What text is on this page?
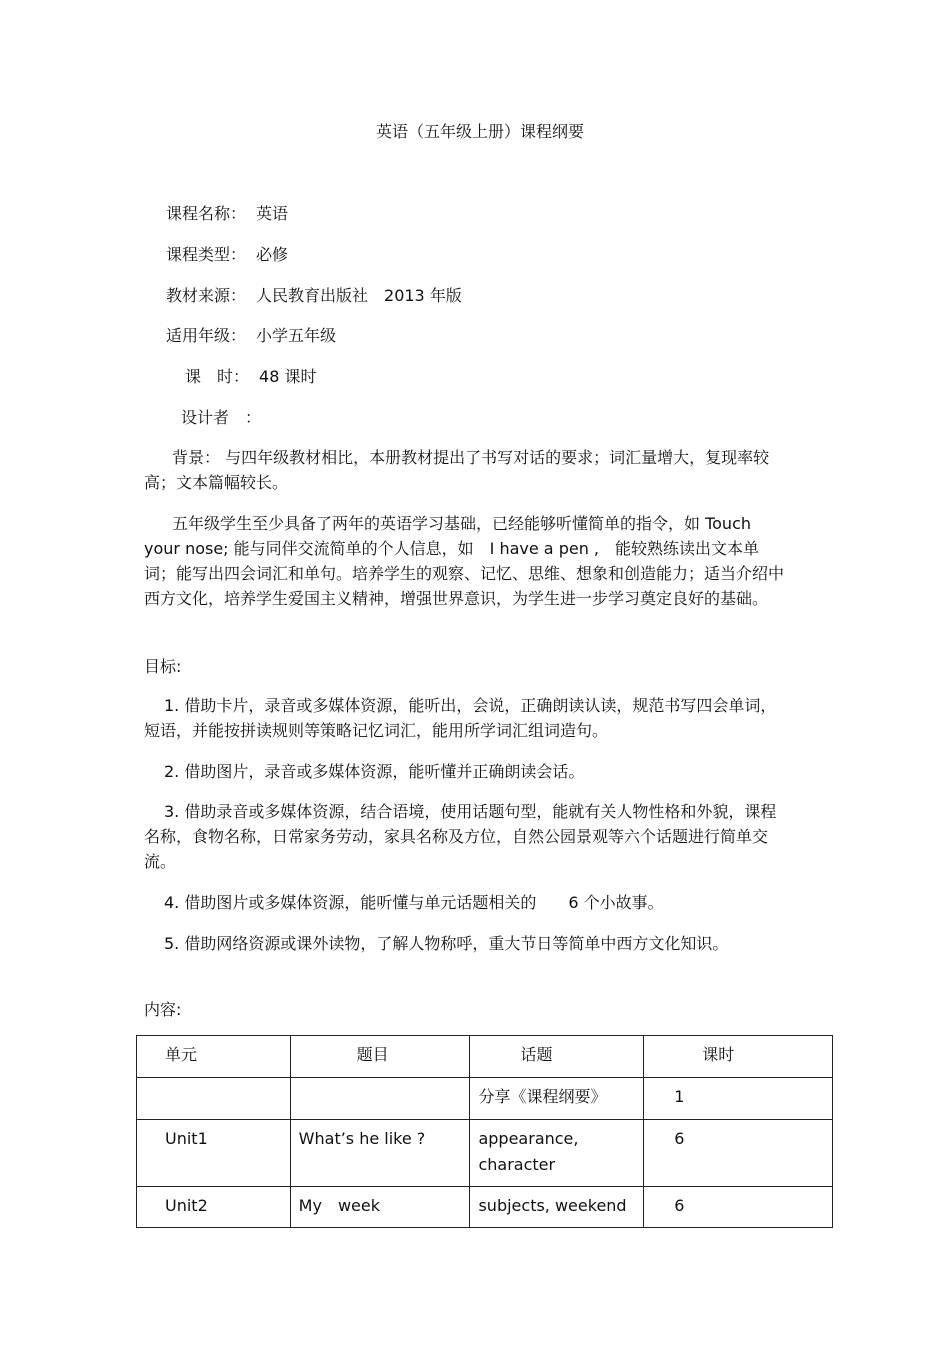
英语（五年级上册）课程纲要
课程名称： 英语
课程类型： 必修
教材来源： 人民教育出版社　2013 年版
适用年级： 小学五年级
课　时： 48 课时
设计者　：
背景： 与四年级教材相比，本册教材提出了书写对话的要求；词汇量增大，复现率较高；文本篇幅较长。
五年级学生至少具备了两年的英语学习基础，已经能够听懂简单的指令，如 Touch your nose; 能与同伴交流简单的个人信息，如　I have a pen ,　能较熟练读出文本单词；能写出四会词汇和单句。培养学生的观察、记忆、思维、想象和创造能力；适当介绍中西方文化，培养学生爱国主义精神，增强世界意识，为学生进一步学习奠定良好的基础。
目标:
1. 借助卡片，录音或多媒体资源，能听出，会说，正确朗读认读，规范书写四会单词，短语，并能按拼读规则等策略记忆词汇，能用所学词汇组词造句。
2. 借助图片，录音或多媒体资源，能听懂并正确朗读会话。
3. 借助录音或多媒体资源，结合语境，使用话题句型，能就有关人物性格和外貌，课程名称，食物名称，日常家务劳动，家具名称及方位，自然公园景观等六个话题进行简单交流。
4. 借助图片或多媒体资源，能听懂与单元话题相关的　　6 个小故事。
5. 借助网络资源或课外读物，了解人物称呼，重大节日等简单中西方文化知识。
内容:
单元	题目	话题	课时
		分享《课程纲要》	1
Unit1	What’s he like ?	appearance, character	6
Unit2	My　week	subjects, weekend	6
